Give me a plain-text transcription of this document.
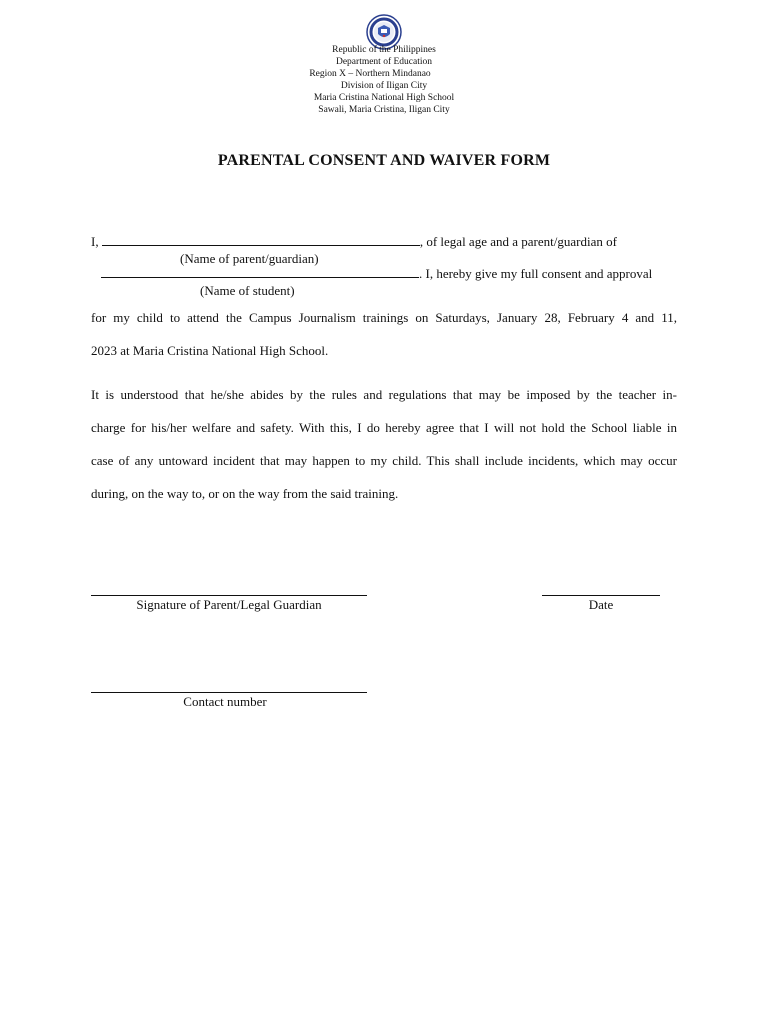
Republic of the Philippines
Department of Education
Region X – Northern Mindanao
Division of Iligan City
Maria Cristina National High School
Sawali, Maria Cristina, Iligan City
PARENTAL CONSENT AND WAIVER FORM
I,	, of legal age and a parent/guardian of
(Name of parent/guardian)
. I, hereby give my full consent and approval
(Name of student)
for my child to attend the Campus Journalism trainings on Saturdays, January 28, February 4 and 11,
2023 at Maria Cristina National High School.
It is understood that he/she abides by the rules and regulations that may be imposed by the teacher in-
charge for his/her welfare and safety. With this, I do hereby agree that I will not hold the School liable in
case of any untoward incident that may happen to my child. This shall include incidents, which may occur
during, on the way to, or on the way from the said training.
Signature of Parent/Legal Guardian	Date
Contact number
